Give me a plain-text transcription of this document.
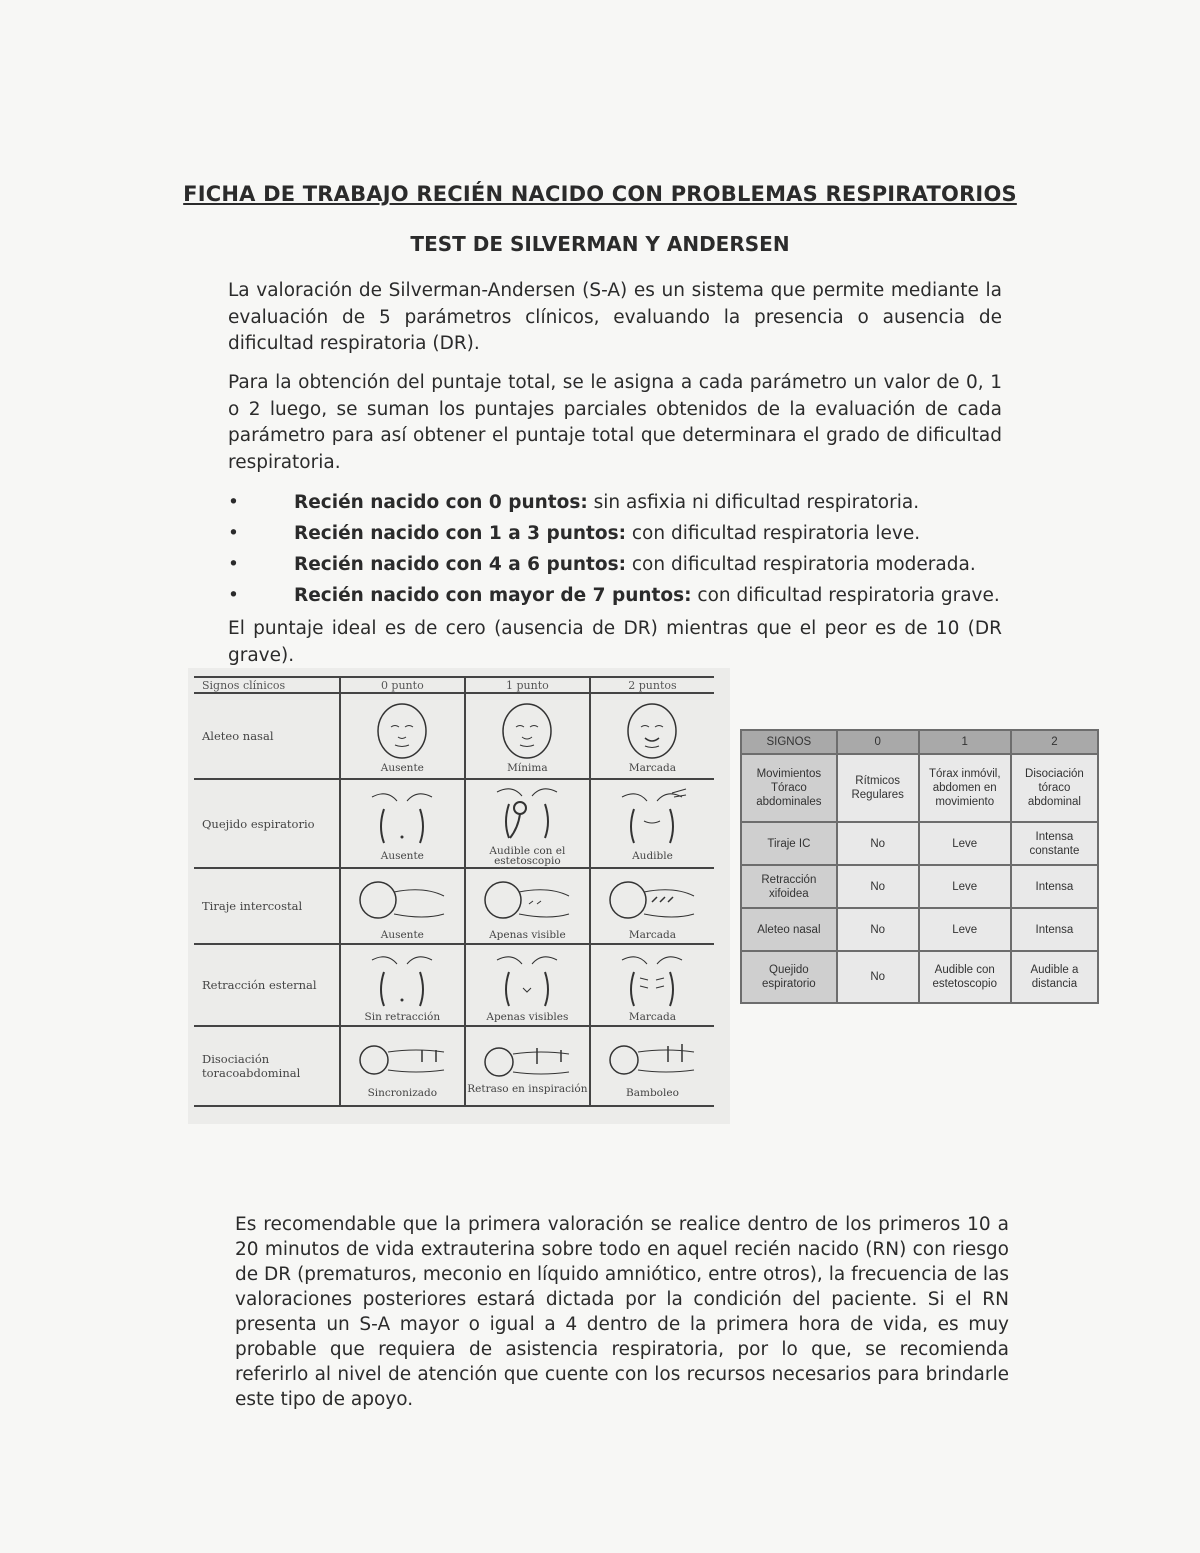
FICHA DE TRABAJO RECIÉN NACIDO CON PROBLEMAS RESPIRATORIOS
TEST DE SILVERMAN Y ANDERSEN
La valoración de Silverman-Andersen (S-A) es un sistema que permite mediante la evaluación de 5 parámetros clínicos, evaluando la presencia o ausencia de dificultad respiratoria (DR).
Para la obtención del puntaje total, se le asigna a cada parámetro un valor de 0, 1 o 2 luego, se suman los puntajes parciales obtenidos de la evaluación de cada parámetro para así obtener el puntaje total que determinara el grado de dificultad respiratoria.
•	Recién nacido con 0 puntos: sin asfixia ni dificultad respiratoria.
•	Recién nacido con 1 a 3 puntos: con dificultad respiratoria leve.
•	Recién nacido con 4 a 6 puntos: con dificultad respiratoria moderada.
•	Recién nacido con mayor de 7 puntos: con dificultad respiratoria grave.
El puntaje ideal es de cero (ausencia de DR) mientras que el peor es de 10 (DR grave).
Signos clínicos	0 punto	1 punto	2 puntos
Aleteo nasal	Ausente	Mínima	Marcada

Quejido espiratorio	Ausente	Audible con el estetoscopio	Audible

Tiraje intercostal	Ausente	Apenas visible	Marcada

Retracción esternal	Sin retracción	Apenas visibles	Marcada

Disociación toracoabdominal	Sincronizado	Retraso en inspiración	Bamboleo
SIGNOS	0	1	2
Movimientos Tóraco abdominales	Rítmicos Regulares	Tórax inmóvil, abdomen en movimiento	Disociación tóraco abdominal
Tiraje IC	No	Leve	Intensa constante
Retracción xifoidea	No	Leve	Intensa
Aleteo nasal	No	Leve	Intensa
Quejido espiratorio	No	Audible con estetoscopio	Audible a distancia
Es recomendable que la primera valoración se realice dentro de los primeros 10 a 20 minutos de vida extrauterina sobre todo en aquel recién nacido (RN) con riesgo de DR (prematuros, meconio en líquido amniótico, entre otros), la frecuencia de las valoraciones posteriores estará dictada por la condición del paciente. Si el RN presenta un S-A mayor o igual a 4 dentro de la primera hora de vida, es muy probable que requiera de asistencia respiratoria, por lo que, se recomienda referirlo al nivel de atención que cuente con los recursos necesarios para brindarle este tipo de apoyo.
